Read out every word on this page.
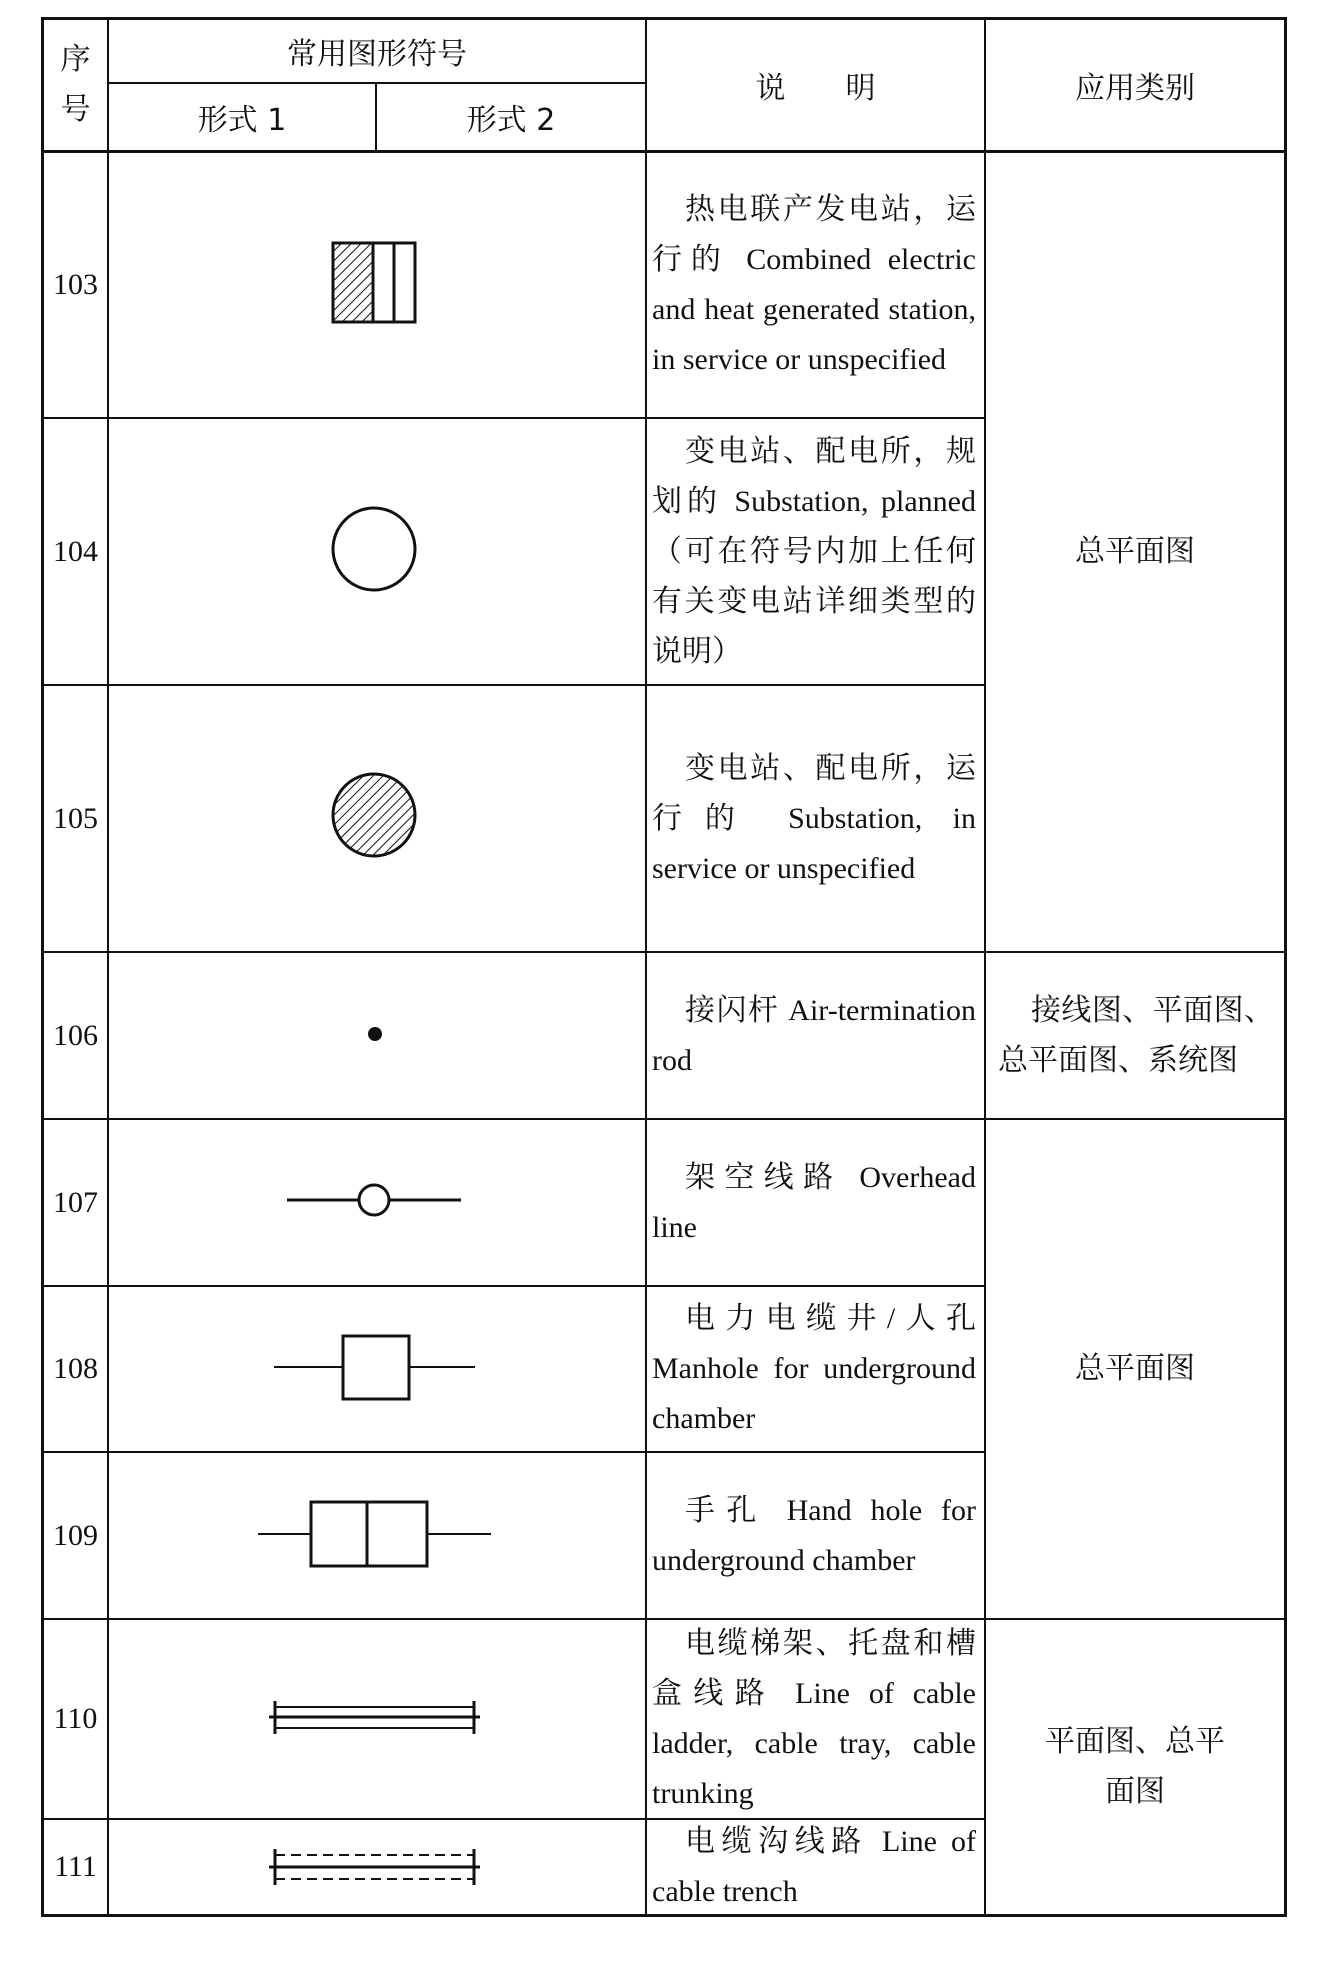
序号
常用图形符号
形式 1	形式 2
说　　明	应用类别
103
104
105
106
107
108
109
110
111
热电联产发电站，运行的 Combined electric and heat generated station, in service or unspecified
变电站、配电所，规划的 Substation, planned（可在符号内加上任何有关变电站详细类型的说明）
变电站、配电所，运行的 Substation, in service or unspecified
接闪杆 Air-termination rod
架空线路 Overhead line
电力电缆井/人孔 Manhole for underground chamber
手孔 Hand hole for underground chamber
电缆梯架、托盘和槽盒线路 Line of cable ladder, cable tray, cable trunking
电缆沟线路 Line of cable trench
总平面图
接线图、平面图、总平面图、系统图
总平面图
平面图、总平面图
